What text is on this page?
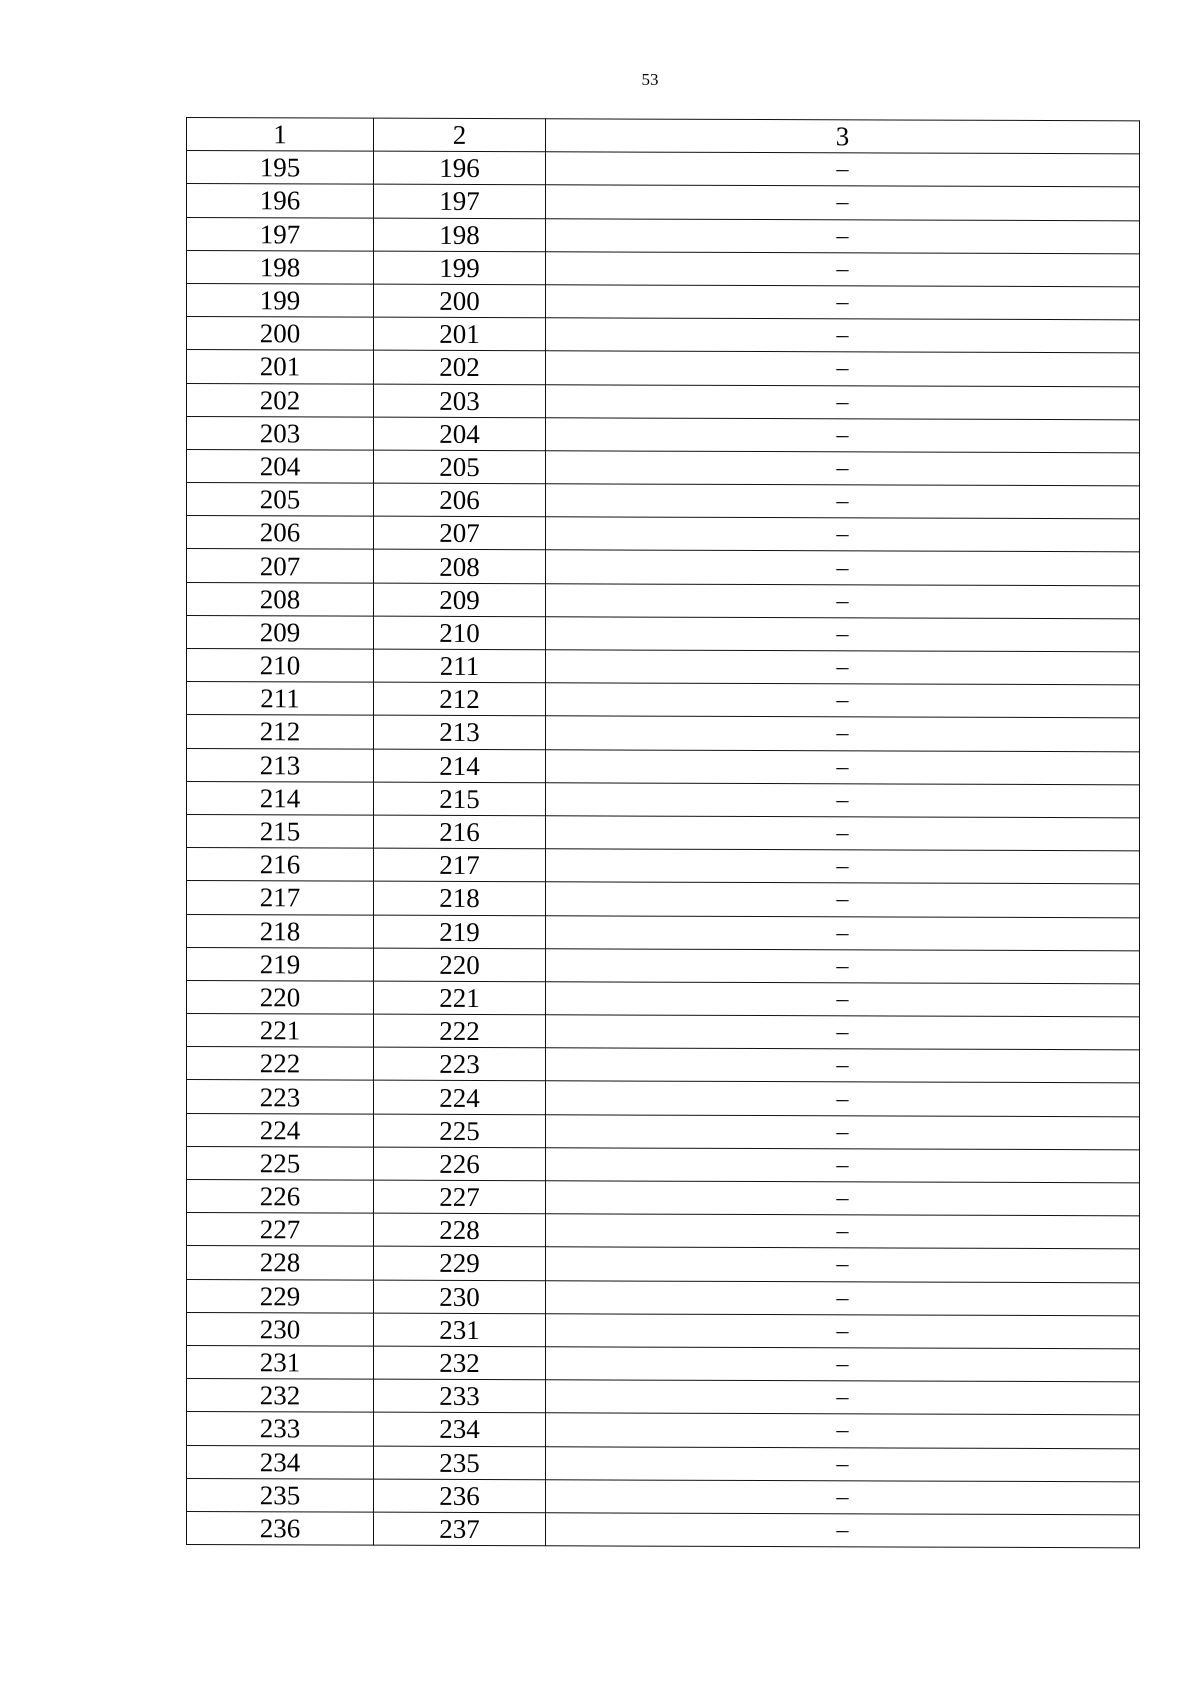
53
1	2	3
195	196	–
196	197	–
197	198	–
198	199	–
199	200	–
200	201	–
201	202	–
202	203	–
203	204	–
204	205	–
205	206	–
206	207	–
207	208	–
208	209	–
209	210	–
210	211	–
211	212	–
212	213	–
213	214	–
214	215	–
215	216	–
216	217	–
217	218	–
218	219	–
219	220	–
220	221	–
221	222	–
222	223	–
223	224	–
224	225	–
225	226	–
226	227	–
227	228	–
228	229	–
229	230	–
230	231	–
231	232	–
232	233	–
233	234	–
234	235	–
235	236	–
236	237	–
